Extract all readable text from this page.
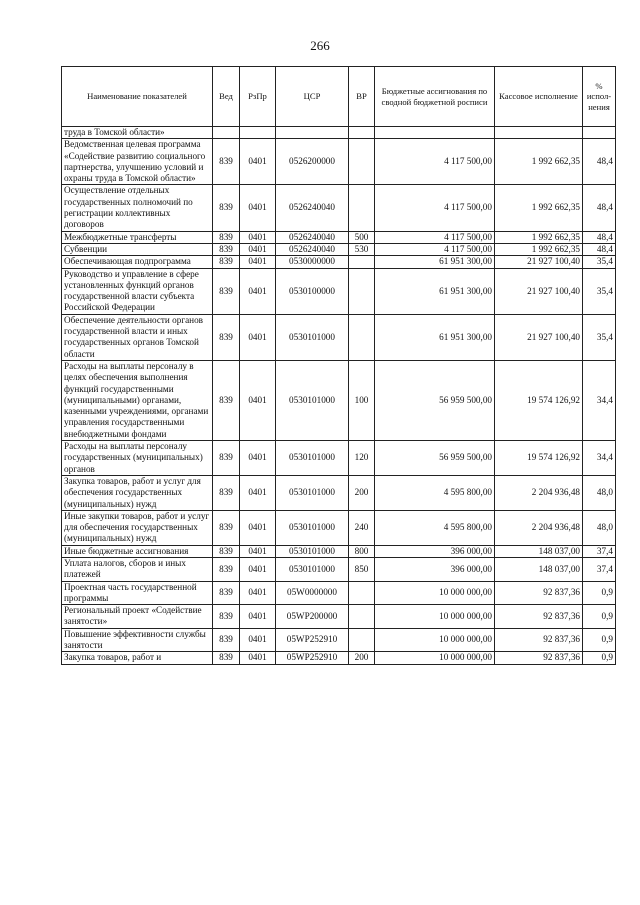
266
Наименование показателей	Вед	РзПр	ЦСР	ВР	Бюджетные ассигнования по сводной бюджетной росписи	Кассовое исполнение	% испол-нения
труда в Томской области»							
Ведомственная целевая программа «Содействие развитию социального партнерства, улучшению условий и охраны труда в Томской области»	839	0401	0526200000		4 117 500,00	1 992 662,35	48,4
Осуществление отдельных государственных полномочий по регистрации коллективных договоров	839	0401	0526240040		4 117 500,00	1 992 662,35	48,4
Межбюджетные трансферты	839	0401	0526240040	500	4 117 500,00	1 992 662,35	48,4
Субвенции	839	0401	0526240040	530	4 117 500,00	1 992 662,35	48,4
Обеспечивающая подпрограмма	839	0401	0530000000		61 951 300,00	21 927 100,40	35,4
Руководство и управление в сфере установленных функций органов государственной власти субъекта Российской Федерации	839	0401	0530100000		61 951 300,00	21 927 100,40	35,4
Обеспечение деятельности органов государственной власти и иных государственных органов Томской области	839	0401	0530101000		61 951 300,00	21 927 100,40	35,4
Расходы на выплаты персоналу в целях обеспечения выполнения функций государственными (муниципальными) органами, казенными учреждениями, органами управления государственными внебюджетными фондами	839	0401	0530101000	100	56 959 500,00	19 574 126,92	34,4
Расходы на выплаты персоналу государственных (муниципальных) органов	839	0401	0530101000	120	56 959 500,00	19 574 126,92	34,4
Закупка товаров, работ и услуг для обеспечения государственных (муниципальных) нужд	839	0401	0530101000	200	4 595 800,00	2 204 936,48	48,0
Иные закупки товаров, работ и услуг для обеспечения государственных (муниципальных) нужд	839	0401	0530101000	240	4 595 800,00	2 204 936,48	48,0
Иные бюджетные ассигнования	839	0401	0530101000	800	396 000,00	148 037,00	37,4
Уплата налогов, сборов и иных платежей	839	0401	0530101000	850	396 000,00	148 037,00	37,4
Проектная часть государственной программы	839	0401	05W0000000		10 000 000,00	92 837,36	0,9
Региональный проект «Содействие занятости»	839	0401	05WP200000		10 000 000,00	92 837,36	0,9
Повышение эффективности службы занятости	839	0401	05WP252910		10 000 000,00	92 837,36	0,9
Закупка товаров, работ и	839	0401	05WP252910	200	10 000 000,00	92 837,36	0,9
